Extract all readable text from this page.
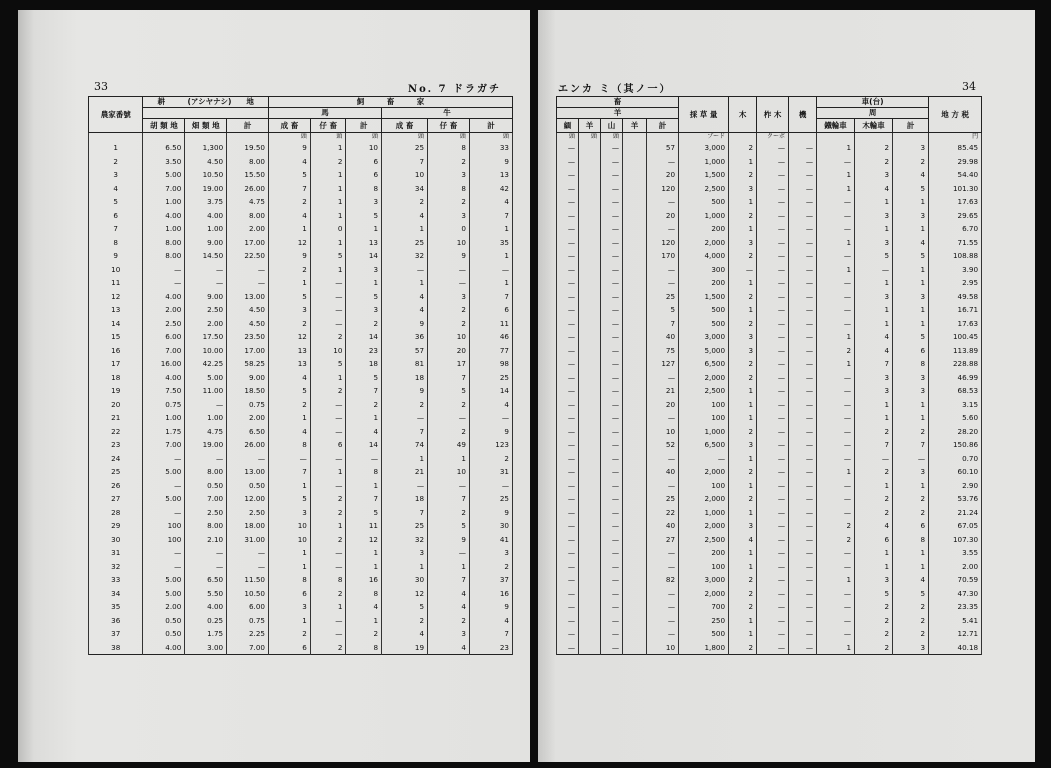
33	No. 7 ドラガチ
農家番號	耕　　　(アシヤナシ)　　地			飼　　　畜　　　家					
				馬			牛		
	胡 類 地	畑 類 地	計	成 畜	仔 畜	計	成 畜	仔 畜	計
				頭	頭	頭	頭	頭	頭
1	6.50	1,300	19.50	9	1	10	25	8	33
2	3.50	4.50	8.00	4	2	6	7	2	9
3	5.00	10.50	15.50	5	1	6	10	3	13
4	7.00	19.00	26.00	7	1	8	34	8	42
5	1.00	3.75	4.75	2	1	3	2	2	4
6	4.00	4.00	8.00	4	1	5	4	3	7
7	1.00	1.00	2.00	1	0	1	1	0	1
8	8.00	9.00	17.00	12	1	13	25	10	35
9	8.00	14.50	22.50	9	5	14	32	9	1
10	—	—	—	2	1	3	—	—	—
11	—	—	—	1	—	1	1	—	1
12	4.00	9.00	13.00	5	—	5	4	3	7
13	2.00	2.50	4.50	3	—	3	4	2	6
14	2.50	2.00	4.50	2	—	2	9	2	11
15	6.00	17.50	23.50	12	2	14	36	10	46
16	7.00	10.00	17.00	13	10	23	57	20	77
17	16.00	42.25	58.25	13	5	18	81	17	98
18	4.00	5.00	9.00	4	1	5	18	7	25
19	7.50	11.00	18.50	5	2	7	9	5	14
20	0.75	—	0.75	2	—	2	2	2	4
21	1.00	1.00	2.00	1	—	1	—	—	—
22	1.75	4.75	6.50	4	—	4	7	2	9
23	7.00	19.00	26.00	8	6	14	74	49	123
24	—	—	—	—	—	—	1	1	2
25	5.00	8.00	13.00	7	1	8	21	10	31
26	—	0.50	0.50	1	—	1	—	—	—
27	5.00	7.00	12.00	5	2	7	18	7	25
28	—	2.50	2.50	3	2	5	7	2	9
29	100	8.00	18.00	10	1	11	25	5	30
30	100	2.10	31.00	10	2	12	32	9	41
31	—	—	—	1	—	1	3	—	3
32	—	—	—	1	—	1	1	1	2
33	5.00	6.50	11.50	8	8	16	30	7	37
34	5.00	5.50	10.50	6	2	8	12	4	16
35	2.00	4.00	6.00	3	1	4	5	4	9
36	0.50	0.25	0.75	1	—	1	2	2	4
37	0.50	1.75	2.25	2	—	2	4	3	7
38	4.00	3.00	7.00	6	2	8	19	4	23
エンカ ミ（其ノ一）	34
畜					採 草 量	木	柞 木	機	車(台)			地 方 税
羊									周			
緬	羊	山	羊	計					鐵輪車	木輪車	計	
頭	頭	頭			プード		クーボ					円
—		—		57	3,000	2	—	—	1	2	3	85.45
—		—		—	1,000	1	—	—	—	2	2	29.98
—		—		20	1,500	2	—	—	1	3	4	54.40
—		—		120	2,500	3	—	—	1	4	5	101.30
—		—		—	500	1	—	—	—	1	1	17.63
—		—		20	1,000	2	—	—	—	3	3	29.65
—		—		—	200	1	—	—	—	1	1	6.70
—		—		120	2,000	3	—	—	1	3	4	71.55
—		—		170	4,000	2	—	—	—	5	5	108.88
—		—		—	300	—	—	—	1	—	1	3.90
—		—		—	200	1	—	—	—	1	1	2.95
—		—		25	1,500	2	—	—	—	3	3	49.58
—		—		5	500	1	—	—	—	1	1	16.71
—		—		7	500	2	—	—	—	1	1	17.63
—		—		40	3,000	3	—	—	1	4	5	100.45
—		—		75	5,000	3	—	—	2	4	6	113.89
—		—		127	6,500	2	—	—	1	7	8	228.88
—		—		—	2,000	2	—	—	—	3	3	46.99
—		—		21	2,500	1	—	—	—	3	3	68.53
—		—		20	100	1	—	—	—	1	1	3.15
—		—		—	100	1	—	—	—	1	1	5.60
—		—		10	1,000	2	—	—	—	2	2	28.20
—		—		52	6,500	3	—	—	—	7	7	150.86
—		—		—	—	1	—	—	—	—	—	0.70
—		—		40	2,000	2	—	—	1	2	3	60.10
—		—		—	100	1	—	—	—	1	1	2.90
—		—		25	2,000	2	—	—	—	2	2	53.76
—		—		22	1,000	1	—	—	—	2	2	21.24
—		—		40	2,000	3	—	—	2	4	6	67.05
—		—		27	2,500	4	—	—	2	6	8	107.30
—		—		—	200	1	—	—	—	1	1	3.55
—		—		—	100	1	—	—	—	1	1	2.00
—		—		82	3,000	2	—	—	1	3	4	70.59
—		—		—	2,000	2	—	—	—	5	5	47.30
—		—		—	700	2	—	—	—	2	2	23.35
—		—		—	250	1	—	—	—	2	2	5.41
—		—		—	500	1	—	—	—	2	2	12.71
—		—		10	1,800	2	—	—	1	2	3	40.18
